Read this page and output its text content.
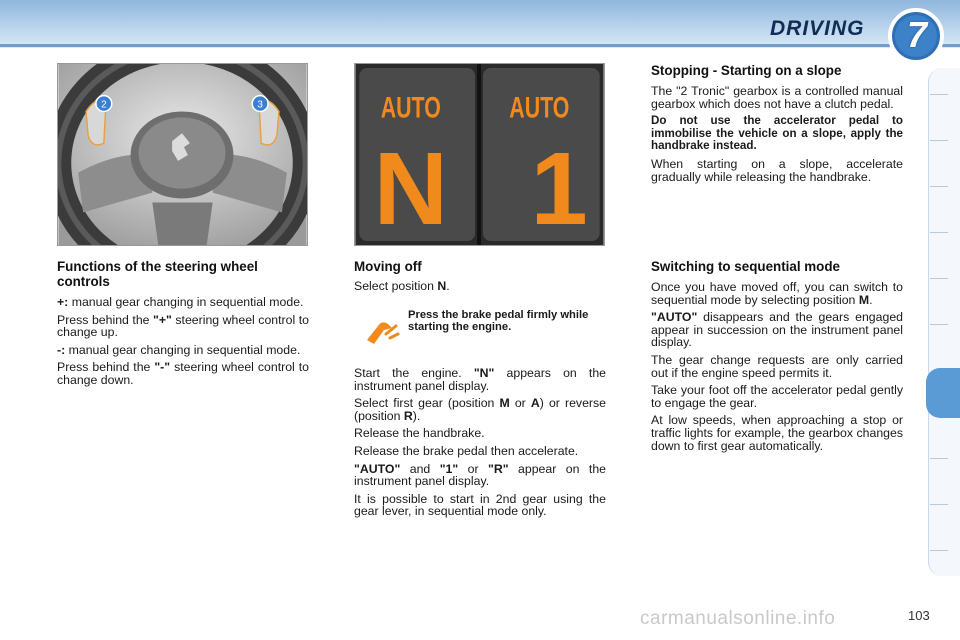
DRIVING 7
2	3	AUTO
N
AUTO
1
Functions of the steering wheel controls

+: manual gear changing in sequential mode.

Press behind the "+" steering wheel control to change up.

-: manual gear changing in sequential mode.

Press behind the "-" steering wheel control to change down.

Moving off

Select position N.

Press the brake pedal firmly while starting the engine.

Start the engine. "N" appears on the instrument panel display.

Select first gear (position M or A) or reverse (position R).

Release the handbrake.

Release the brake pedal then accelerate.

"AUTO" and "1" or "R" appear on the instrument panel display.

It is possible to start in 2nd gear using the gear lever, in sequential mode only.

Stopping - Starting on a slope

The "2 Tronic" gearbox is a controlled manual gearbox which does not have a clutch pedal.

Do not use the accelerator pedal to immobilise the vehicle on a slope, apply the handbrake instead.

When starting on a slope, accelerate gradually while releasing the handbrake.

Switching to sequential mode

Once you have moved off, you can switch to sequential mode by selecting position M.

"AUTO" disappears and the gears engaged appear in succession on the instrument panel display.

The gear change requests are only carried out if the engine speed permits it.

Take your foot off the accelerator pedal gently to engage the gear.

At low speeds, when approaching a stop or traffic lights for example, the gearbox changes down to first gear automatically.

carmanualsonline.info	103
